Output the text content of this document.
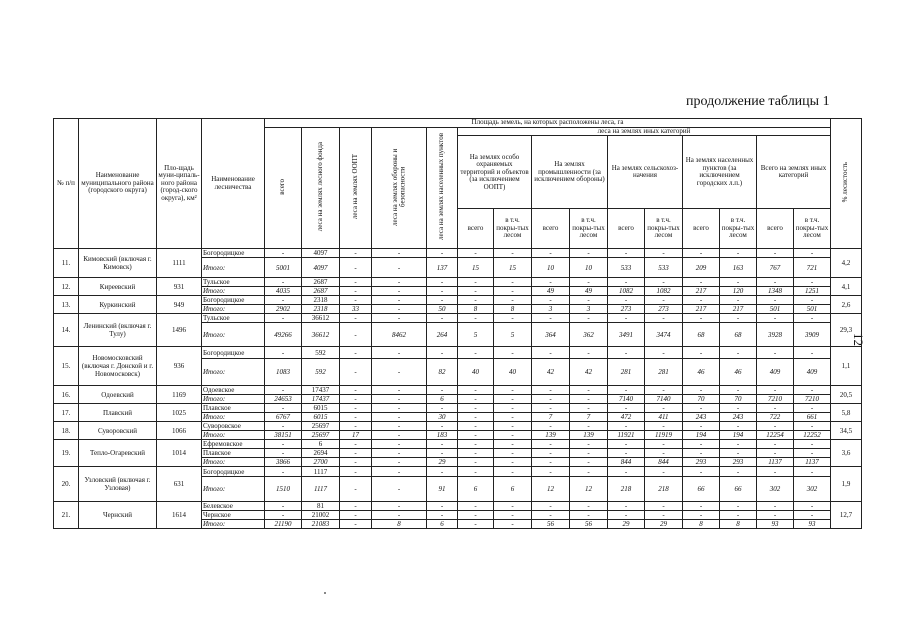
продолжение таблицы 1
12
№ п/п	Наименование муниципального района (городского округа)	Пло-щадь муни-ципаль-ного района (город-ского округа), км²	Наименование лесничества	Площадь земель, на которых расположены леса, га															% лесистость
				всего	леса на землях лесного фонда	леса на землях ООПТ	леса на землях обороны и безопасности	леса на землях населенных пунктов	леса на землях иных категорий										
									На землях особо охраняемых территорий и объектов (за исключением ООПТ)		На землях промышленности (за исключением обороны)		На землях сельскохоз-начения		На землях населенных пунктов (за исключением городских л.п.)		Всего на землях иных категорий		
									всего	в т.ч. покры-тых лесом	всего	в т.ч. покры-тых лесом	всего	в т.ч. покры-тых лесом	всего	в т.ч. покры-тых лесом	всего	в т.ч. покры-тых лесом	
11.	Кимовский (включая г. Кимовск)	1111	Богородицкое	-	4097	-	-	-	-	-	-	-	-	-	-	-	-	-	4,2
			Итого:	5001	4097	-	-	137	15	15	10	10	533	533	209	163	767	721	
12.	Киреевский	931	Тульское	-	2687	-	-	-	-	-	-	-	-	-	-	-	-	-	4,1
			Итого:	4035	2687	-	-	-	-	-	49	49	1082	1082	217	120	1348	1251	
13.	Куркинский	949	Богородицкое	-	2318	-	-	-	-	-	-	-	-	-	-	-	-	-	2,6
			Итого:	2902	2318	33	-	50	8	8	3	3	273	273	217	217	501	501	
14.	Ленинский (включая г. Тулу)	1496	Тульское	-	36612	-	-	-	-	-	-	-	-	-	-	-	-	-	29,3
			Итого:	49266	36612	-	8462	264	5	5	364	362	3491	3474	68	68	3928	3909	
15.	Новомосковский (включая г. Донской и г. Новомосковск)	936	Богородицкое	-	592	-	-	-	-	-	-	-	-	-	-	-	-	-	1,1
			Итого:	1083	592	-	-	82	40	40	42	42	281	281	46	46	409	409	
16.	Одоевский	1169	Одоевское	-	17437	-	-	-	-	-	-	-	-	-	-	-	-	-	20,5
			Итого:	24653	17437	-	-	6	-	-	-	-	7140	7140	70	70	7210	7210	
17.	Плавский	1025	Плавское	-	6015	-	-	-	-	-	-	-	-	-	-	-	-	-	5,8
			Итого:	6767	6015	-	-	30	-	-	7	7	472	411	243	243	722	661	
18.	Суворовский	1066	Суворовское	-	25697	-	-	-	-	-	-	-	-	-	-	-	-	-	34,5
			Итого:	38151	25697	17	-	183	-	-	139	139	11921	11919	194	194	12254	12252	
19.	Тепло-Огаревский	1014	Ефремовское	-	6	-	-	-	-	-	-	-	-	-	-	-	-	-	3,6
			Плавское	-	2694	-	-	-	-	-	-	-	-	-	-	-	-	-	
			Итого:	3866	2700	-	-	29	-	-	-	-	844	844	293	293	1137	1137	
20.	Узловский (включая г. Узловая)	631	Богородицкое	-	1117	-	-	-	-	-	-	-	-	-	-	-	-	-	1,9
			Итого:	1510	1117	-	-	91	6	6	12	12	218	218	66	66	302	302	
21.	Чернский	1614	Белевское	-	81	-	-	-	-	-	-	-	-	-	-	-	-	-	12,7
			Чернское	-	21002	-	-	-	-	-	-	-	-	-	-	-	-	-	
			Итого:	21190	21083	-	8	6	-	-	56	56	29	29	8	8	93	93	
